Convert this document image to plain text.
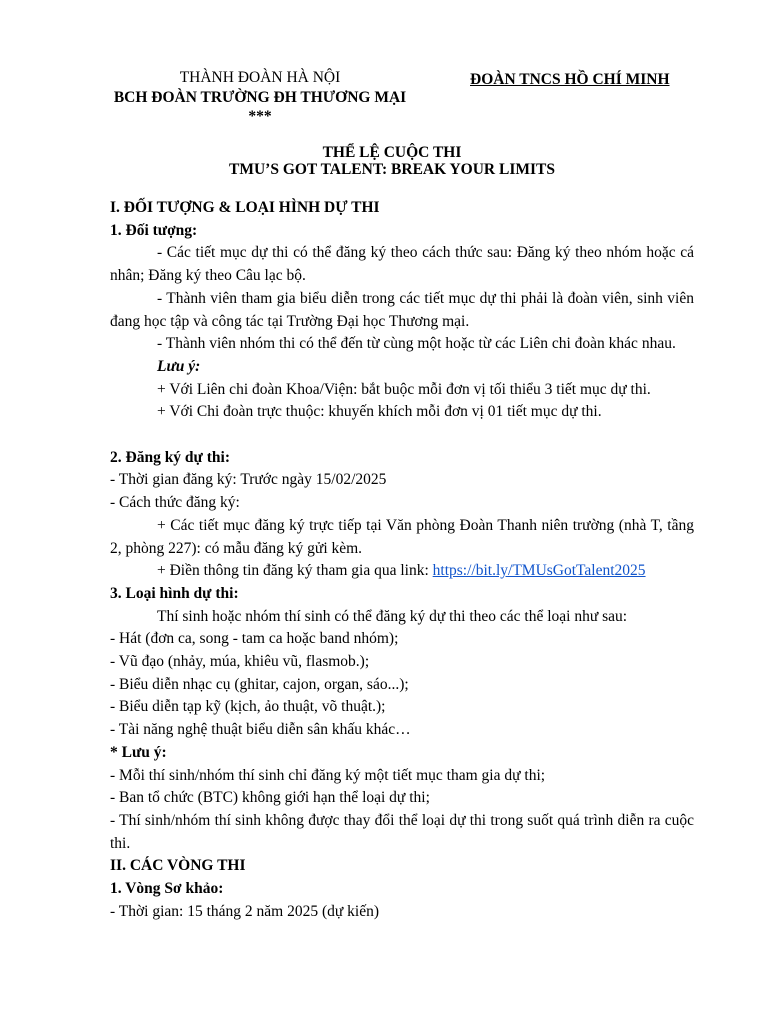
THÀNH ĐOÀN HÀ NỘI
BCH ĐOÀN TRƯỜNG ĐH THƯƠNG MẠI
***
ĐOÀN TNCS HỒ CHÍ MINH
THỂ LỆ CUỘC THI
TMU’S GOT TALENT: BREAK YOUR LIMITS

I. ĐỐI TƯỢNG & LOẠI HÌNH DỰ THI

1. Đối tượng:

- Các tiết mục dự thi có thể đăng ký theo cách thức sau: Đăng ký theo nhóm hoặc cá nhân; Đăng ký theo Câu lạc bộ.

- Thành viên tham gia biểu diễn trong các tiết mục dự thi phải là đoàn viên, sinh viên đang học tập và công tác tại Trường Đại học Thương mại.

- Thành viên nhóm thi có thể đến từ cùng một hoặc từ các Liên chi đoàn khác nhau.

Lưu ý:

+ Với Liên chi đoàn Khoa/Viện: bắt buộc mỗi đơn vị tối thiểu 3 tiết mục dự thi.

+ Với Chi đoàn trực thuộc: khuyến khích mỗi đơn vị 01 tiết mục dự thi.

2. Đăng ký dự thi:

- Thời gian đăng ký: Trước ngày 15/02/2025

- Cách thức đăng ký:

+ Các tiết mục đăng ký trực tiếp tại Văn phòng Đoàn Thanh niên trường (nhà T, tầng 2, phòng 227): có mẫu đăng ký gửi kèm.

+ Điền thông tin đăng ký tham gia qua link: https://bit.ly/TMUsGotTalent2025

3. Loại hình dự thi:

Thí sinh hoặc nhóm thí sinh có thể đăng ký dự thi theo các thể loại như sau:

- Hát (đơn ca, song - tam ca hoặc band nhóm);

- Vũ đạo (nhảy, múa, khiêu vũ, flasmob.);

- Biểu diễn nhạc cụ (ghitar, cajon, organ, sáo...);

- Biểu diễn tạp kỹ (kịch, ảo thuật, võ thuật.);

- Tài năng nghệ thuật biểu diễn sân khấu khác…

* Lưu ý:

- Mỗi thí sinh/nhóm thí sinh chỉ đăng ký một tiết mục tham gia dự thi;

- Ban tổ chức (BTC) không giới hạn thể loại dự thi;

- Thí sinh/nhóm thí sinh không được thay đổi thể loại dự thi trong suốt quá trình diễn ra cuộc thi.

II. CÁC VÒNG THI

1. Vòng Sơ khảo:

- Thời gian: 15 tháng 2 năm 2025 (dự kiến)
